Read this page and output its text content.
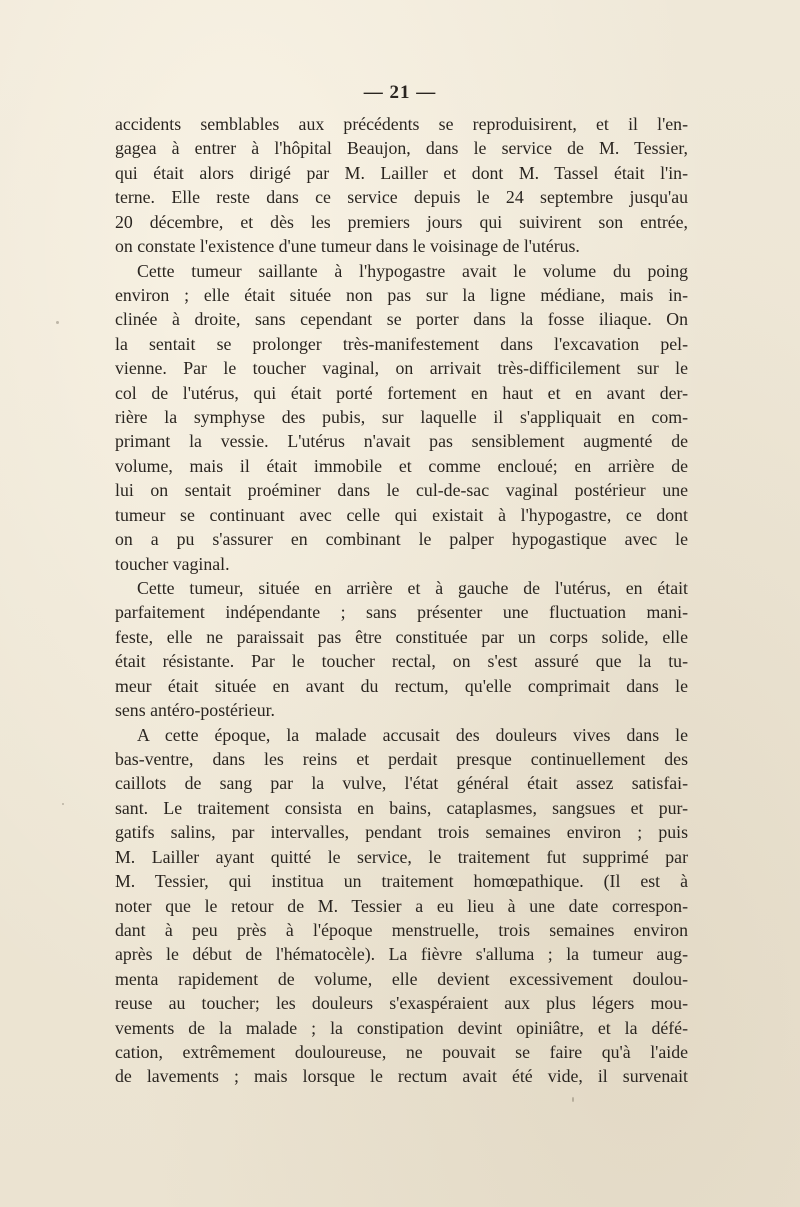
— 21 —
accidents semblables aux précédents se reproduisirent, et il l'en-
gagea à entrer à l'hôpital Beaujon, dans le service de M. Tessier,
qui était alors dirigé par M. Lailler et dont M. Tassel était l'in-
terne. Elle reste dans ce service depuis le 24 septembre jusqu'au
20 décembre, et dès les premiers jours qui suivirent son entrée,
on constate l'existence d'une tumeur dans le voisinage de l'utérus.
Cette tumeur saillante à l'hypogastre avait le volume du poing
environ ; elle était située non pas sur la ligne médiane, mais in-
clinée à droite, sans cependant se porter dans la fosse iliaque. On
la sentait se prolonger très-manifestement dans l'excavation pel-
vienne. Par le toucher vaginal, on arrivait très-difficilement sur le
col de l'utérus, qui était porté fortement en haut et en avant der-
rière la symphyse des pubis, sur laquelle il s'appliquait en com-
primant la vessie. L'utérus n'avait pas sensiblement augmenté de
volume, mais il était immobile et comme encloué; en arrière de
lui on sentait proéminer dans le cul-de-sac vaginal postérieur une
tumeur se continuant avec celle qui existait à l'hypogastre, ce dont
on a pu s'assurer en combinant le palper hypogastique avec le
toucher vaginal.
Cette tumeur, située en arrière et à gauche de l'utérus, en était
parfaitement indépendante ; sans présenter une fluctuation mani-
feste, elle ne paraissait pas être constituée par un corps solide, elle
était résistante. Par le toucher rectal, on s'est assuré que la tu-
meur était située en avant du rectum, qu'elle comprimait dans le
sens antéro-postérieur.
A cette époque, la malade accusait des douleurs vives dans le
bas-ventre, dans les reins et perdait presque continuellement des
caillots de sang par la vulve, l'état général était assez satisfai-
sant. Le traitement consista en bains, cataplasmes, sangsues et pur-
gatifs salins, par intervalles, pendant trois semaines environ ; puis
M. Lailler ayant quitté le service, le traitement fut supprimé par
M. Tessier, qui institua un traitement homœpathique. (Il est à
noter que le retour de M. Tessier a eu lieu à une date correspon-
dant à peu près à l'époque menstruelle, trois semaines environ
après le début de l'hématocèle). La fièvre s'alluma ; la tumeur aug-
menta rapidement de volume, elle devient excessivement doulou-
reuse au toucher; les douleurs s'exaspéraient aux plus légers mou-
vements de la malade ; la constipation devint opiniâtre, et la défé-
cation, extrêmement douloureuse, ne pouvait se faire qu'à l'aide
de lavements ; mais lorsque le rectum avait été vide, il survenait
